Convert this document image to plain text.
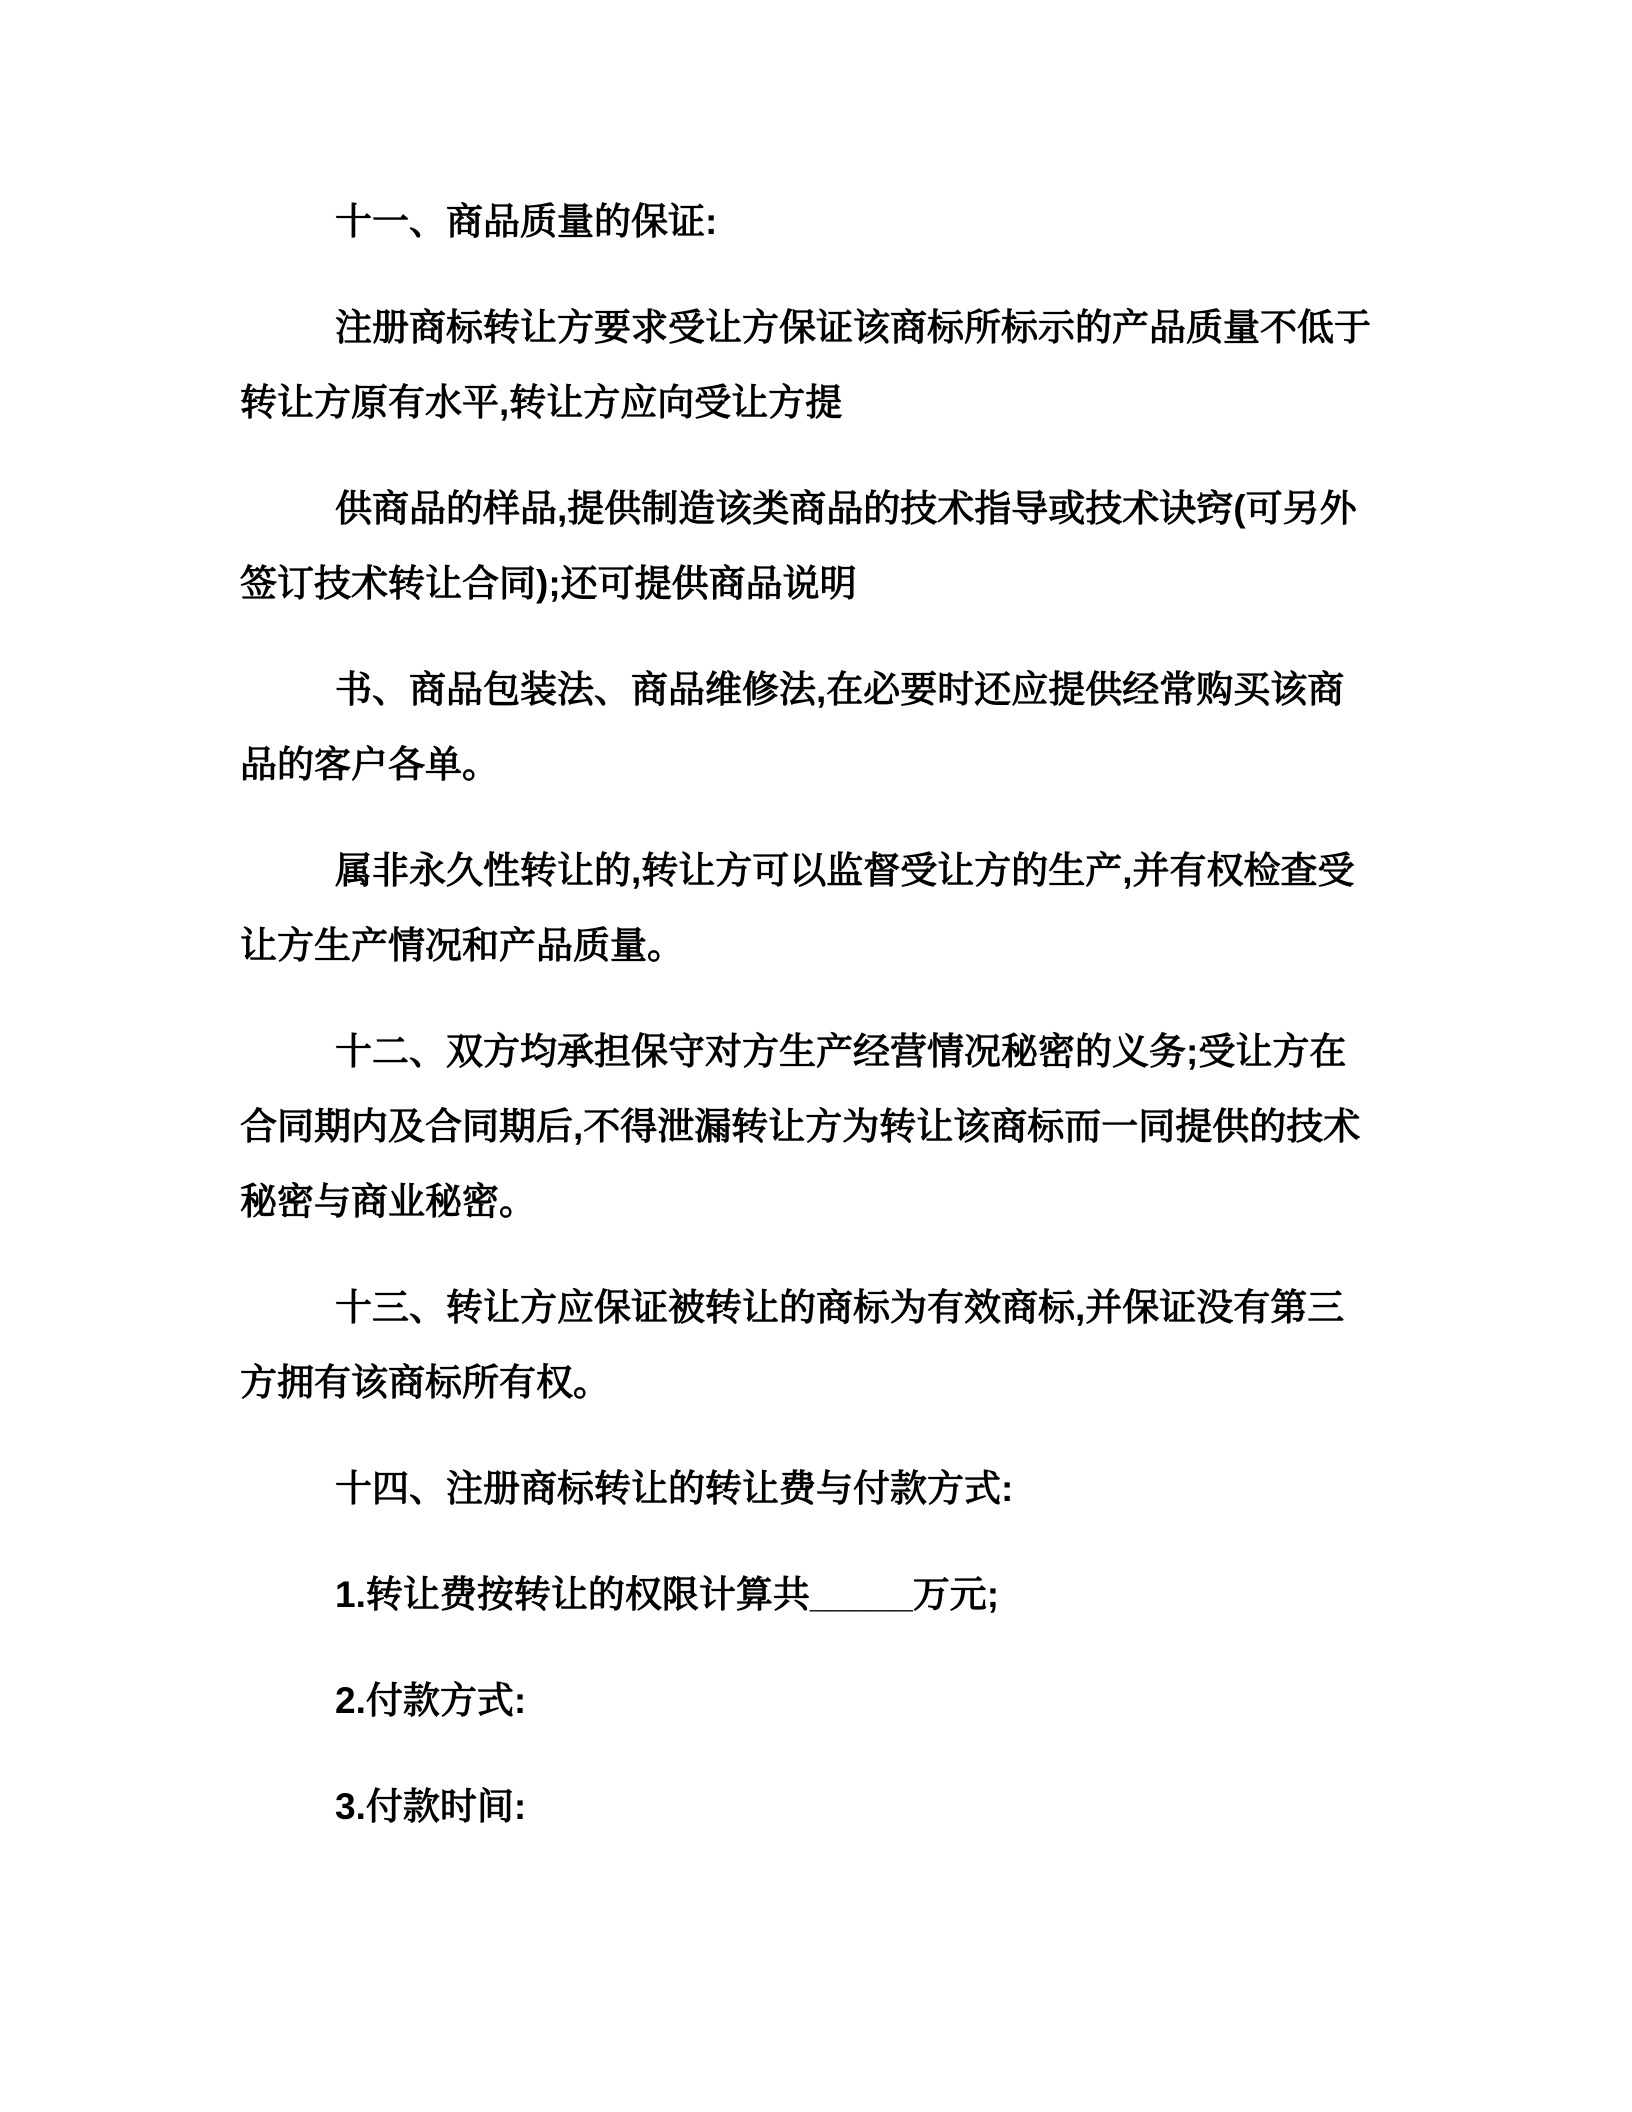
十一、商品质量的保证:

注册商标转让方要求受让方保证该商标所标示的产品质量不低于
转让方原有水平,转让方应向受让方提

供商品的样品,提供制造该类商品的技术指导或技术诀窍(可另外
签订技术转让合同);还可提供商品说明

书、商品包装法、商品维修法,在必要时还应提供经常购买该商
品的客户各单。

属非永久性转让的,转让方可以监督受让方的生产,并有权检查受
让方生产情况和产品质量。

十二、双方均承担保守对方生产经营情况秘密的义务;受让方在
合同期内及合同期后,不得泄漏转让方为转让该商标而一同提供的技术
秘密与商业秘密。

十三、转让方应保证被转让的商标为有效商标,并保证没有第三
方拥有该商标所有权。

十四、注册商标转让的转让费与付款方式:

1.转让费按转让的权限计算共_____万元;

2.付款方式:

3.付款时间:
